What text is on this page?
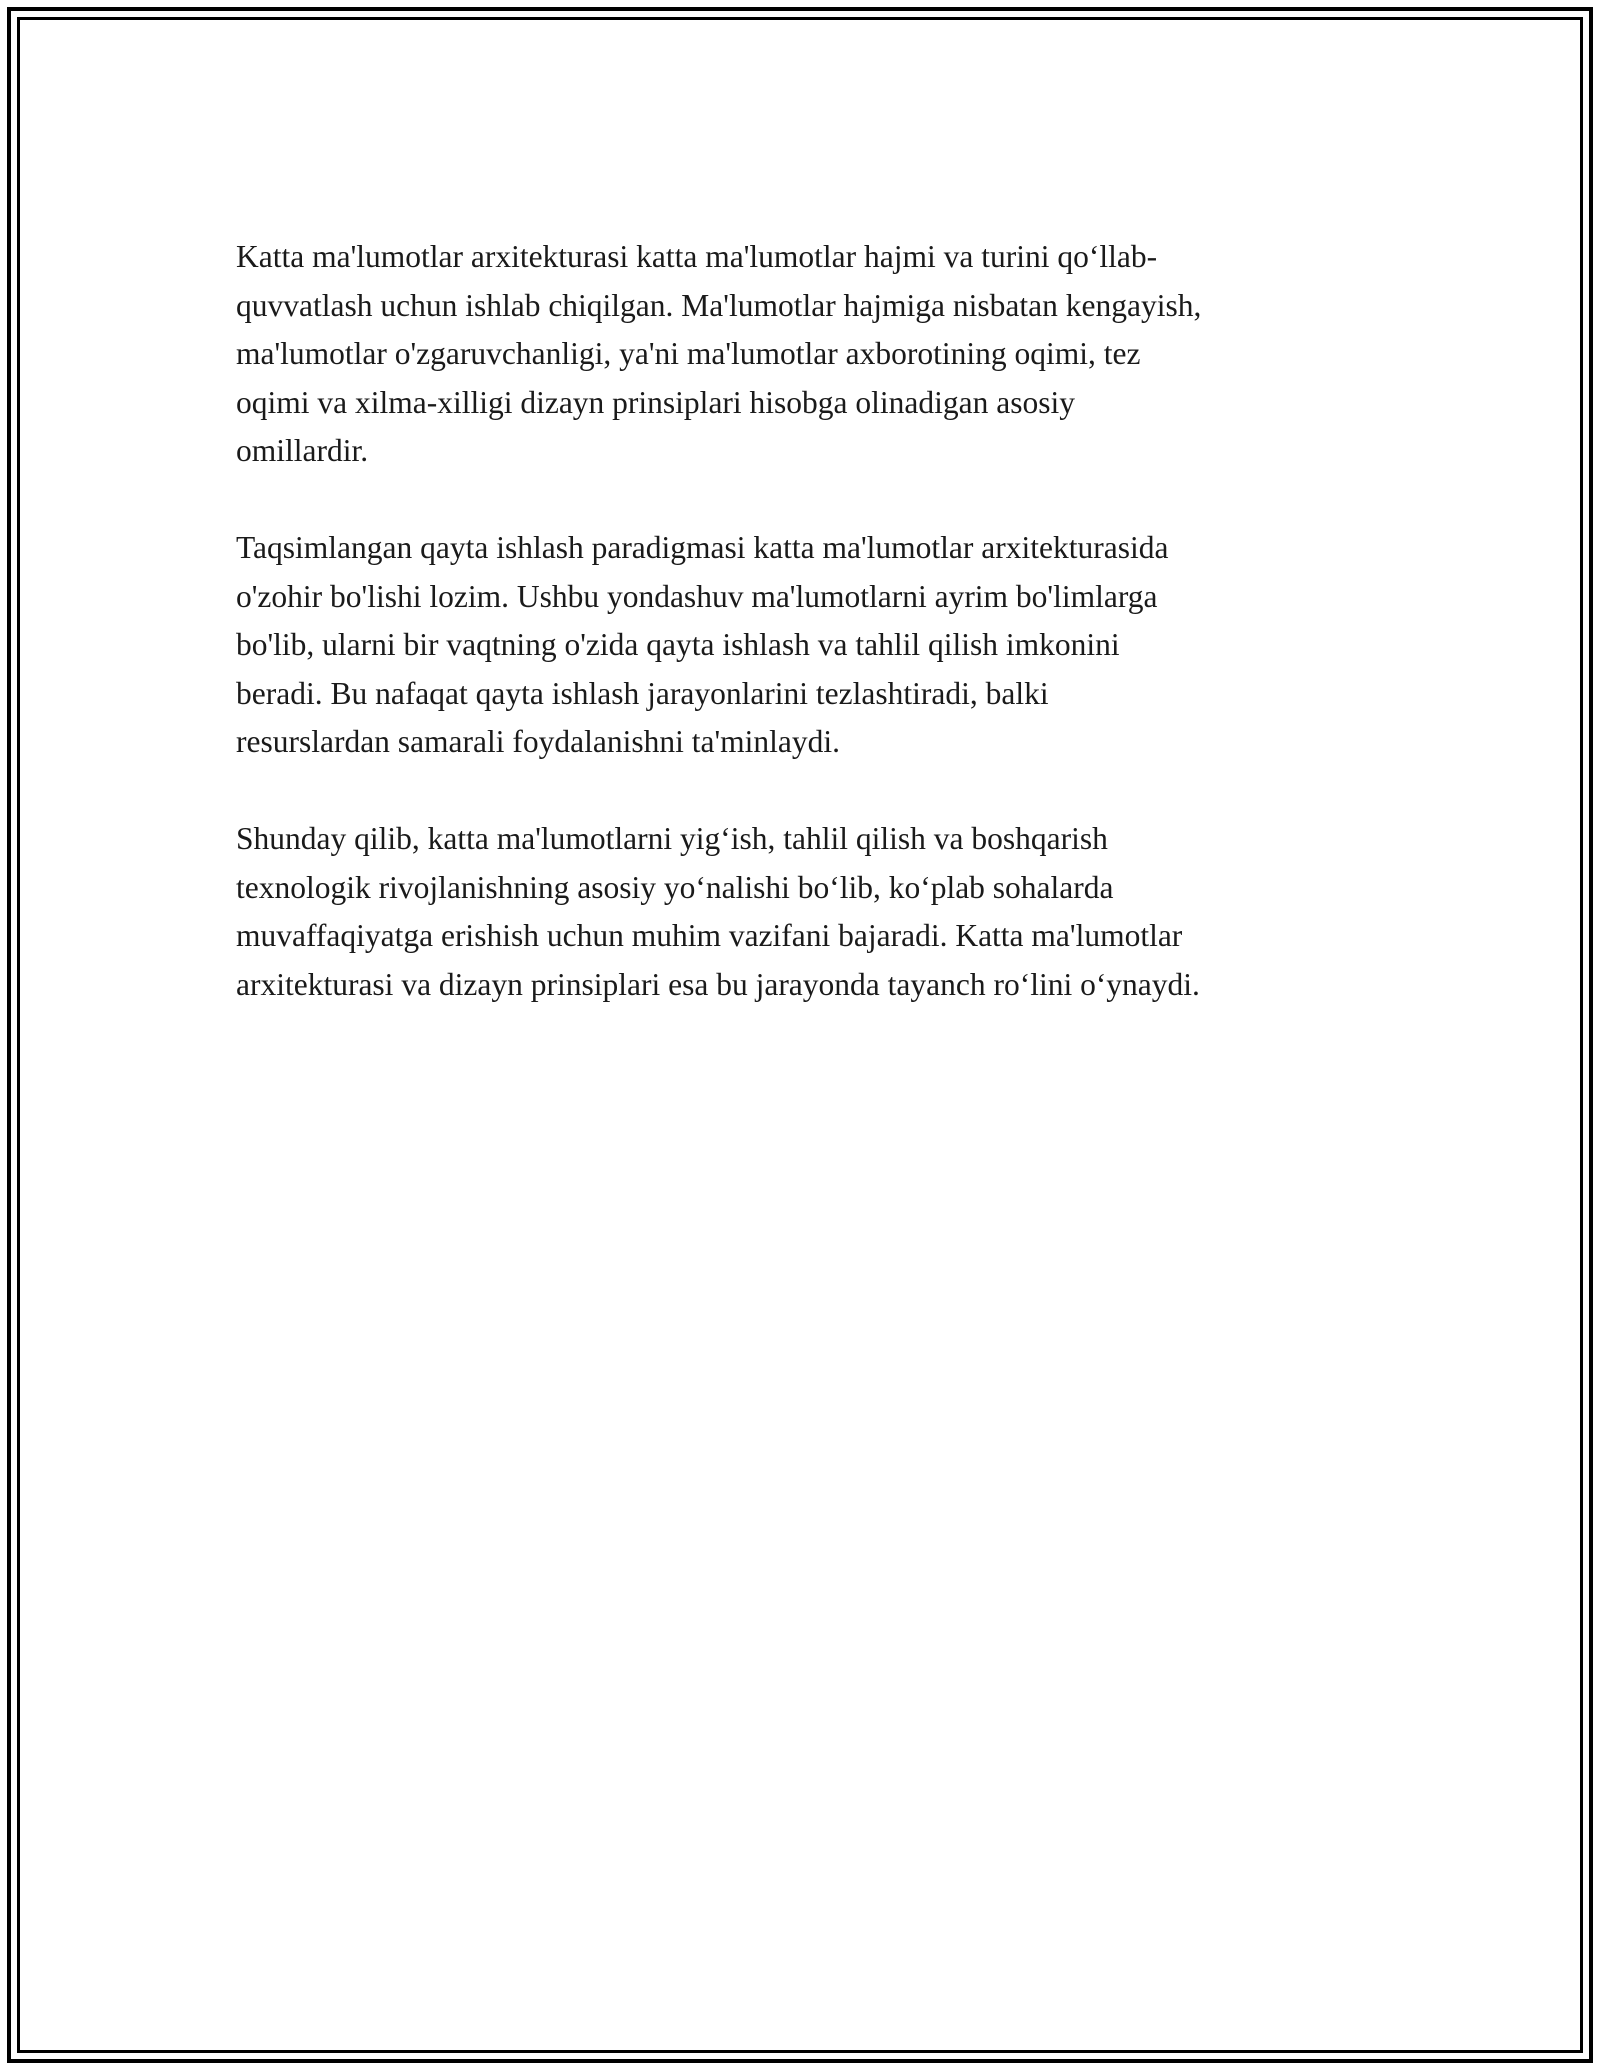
Katta ma'lumotlar arxitekturasi katta ma'lumotlar hajmi va turini qo‘llab-
quvvatlash uchun ishlab chiqilgan. Ma'lumotlar hajmiga nisbatan kengayish,
ma'lumotlar o'zgaruvchanligi, ya'ni ma'lumotlar axborotining oqimi, tez
oqimi va xilma-xilligi dizayn prinsiplari hisobga olinadigan asosiy
omillardir.

Taqsimlangan qayta ishlash paradigmasi katta ma'lumotlar arxitekturasida
o'zohir bo'lishi lozim. Ushbu yondashuv ma'lumotlarni ayrim bo'limlarga
bo'lib, ularni bir vaqtning o'zida qayta ishlash va tahlil qilish imkonini
beradi. Bu nafaqat qayta ishlash jarayonlarini tezlashtiradi, balki
resurslardan samarali foydalanishni ta'minlaydi.

Shunday qilib, katta ma'lumotlarni yig‘ish, tahlil qilish va boshqarish
texnologik rivojlanishning asosiy yo‘nalishi bo‘lib, ko‘plab sohalarda
muvaffaqiyatga erishish uchun muhim vazifani bajaradi. Katta ma'lumotlar
arxitekturasi va dizayn prinsiplari esa bu jarayonda tayanch ro‘lini o‘ynaydi.
